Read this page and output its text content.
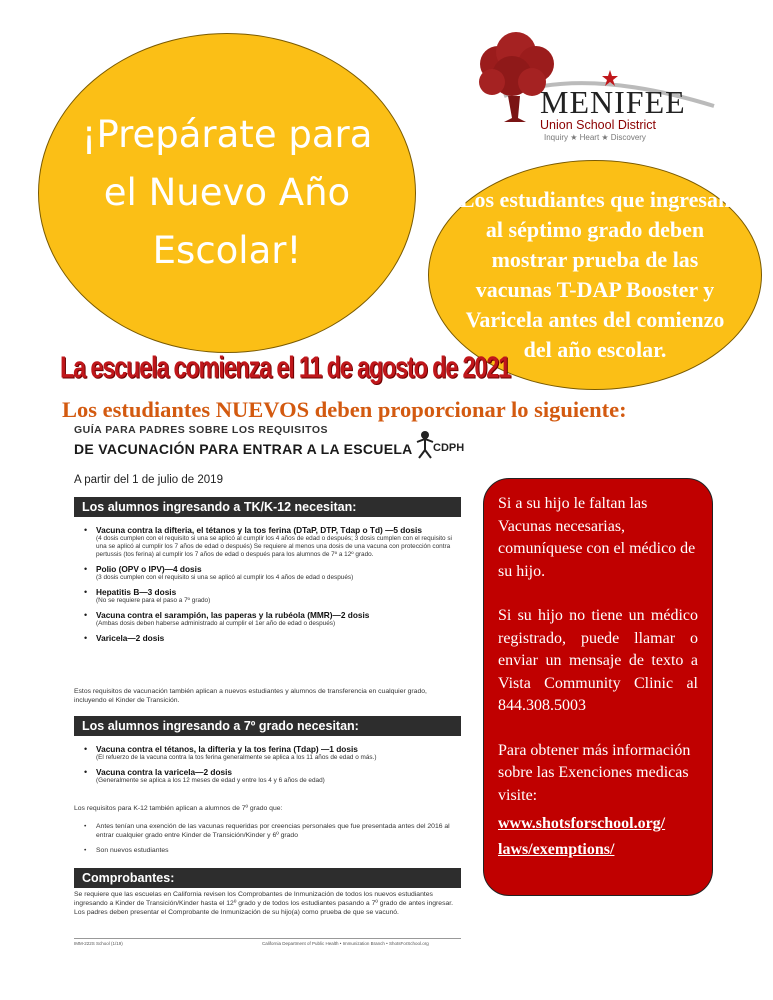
¡Prepárate para el Nuevo Año Escolar!
MENIFEE
Union School District
Inquiry ★ Heart ★ Discovery
Los estudiantes que ingresan al séptimo grado deben mostrar prueba de las vacunas T-DAP Booster y Varicela antes del comienzo del año escolar.
La escuela comienza el 11 de agosto de 2021
Los estudiantes NUEVOS deben proporcionar lo siguiente:
GUÍA PARA PADRES SOBRE LOS REQUISITOS
DE VACUNACIÓN PARA ENTRAR A LA ESCUELA CDPH
A partir del 1 de julio de 2019
Los alumnos ingresando a TK/K-12 necesitan:
• Vacuna contra la difteria, el tétanos y la tos ferina (DTaP, DTP, Tdap o Td) —5 dosis
(4 dosis cumplen con el requisito si una se aplicó al cumplir los 4 años de edad o después; 3 dosis cumplen con el requisito si una se aplicó al cumplir los 7 años de edad o después) Se requiere al menos una dosis de una vacuna con protección contra pertussis (tos ferina) al cumplir los 7 años de edad o después para los alumnos de 7º a 12º grado.
• Polio (OPV o IPV)—4 dosis
(3 dosis cumplen con el requisito si una se aplicó al cumplir los 4 años de edad o después)
• Hepatitis B—3 dosis
(No se requiere para el paso a 7º grado)
• Vacuna contra el sarampión, las paperas y la rubéola (MMR)—2 dosis
(Ambas dosis deben haberse administrado al cumplir el 1er año de edad o después)
• Varicela—2 dosis
Estos requisitos de vacunación también aplican a nuevos estudiantes y alumnos de transferencia en cualquier grado, incluyendo el Kinder de Transición.
Los alumnos ingresando a 7º grado necesitan:
• Vacuna contra el tétanos, la difteria y la tos ferina (Tdap) —1 dosis
(El refuerzo de la vacuna contra la tos ferina generalmente se aplica a los 11 años de edad o más.)
• Vacuna contra la varicela—2 dosis
(Generalmente se aplica a los 12 meses de edad y entre los 4 y 6 años de edad)
Los requisitos para K-12 también aplican a alumnos de 7º grado que:
• Antes tenían una exención de las vacunas requeridas por creencias personales que fue presentada antes del 2016 al entrar cualquier grado entre Kinder de Transición/Kinder y 6º grado
• Son nuevos estudiantes
Comprobantes:
Se requiere que las escuelas en California revisen los Comprobantes de Inmunización de todos los nuevos estudiantes ingresando a Kinder de Transición/Kinder hasta el 12º grado y de todos los estudiantes pasando a 7º grado de antes ingresar. Los padres deben presentar el Comprobante de Inmunización de su hijo(a) como prueba de que se vacunó.
IMM-222S School (1/19)	California Department of Public Health • Immunization Branch • ShotsForSchool.org

Si a su hijo le faltan las Vacunas necesarias, comuníquese con el médico de su hijo.

Si su hijo no tiene un médico registrado, puede llamar o enviar un mensaje de texto a Vista Community Clinic al 844.308.5003

Para obtener más información sobre las Exenciones medicas visite:

www.shotsforschool.org/
laws/exemptions/
